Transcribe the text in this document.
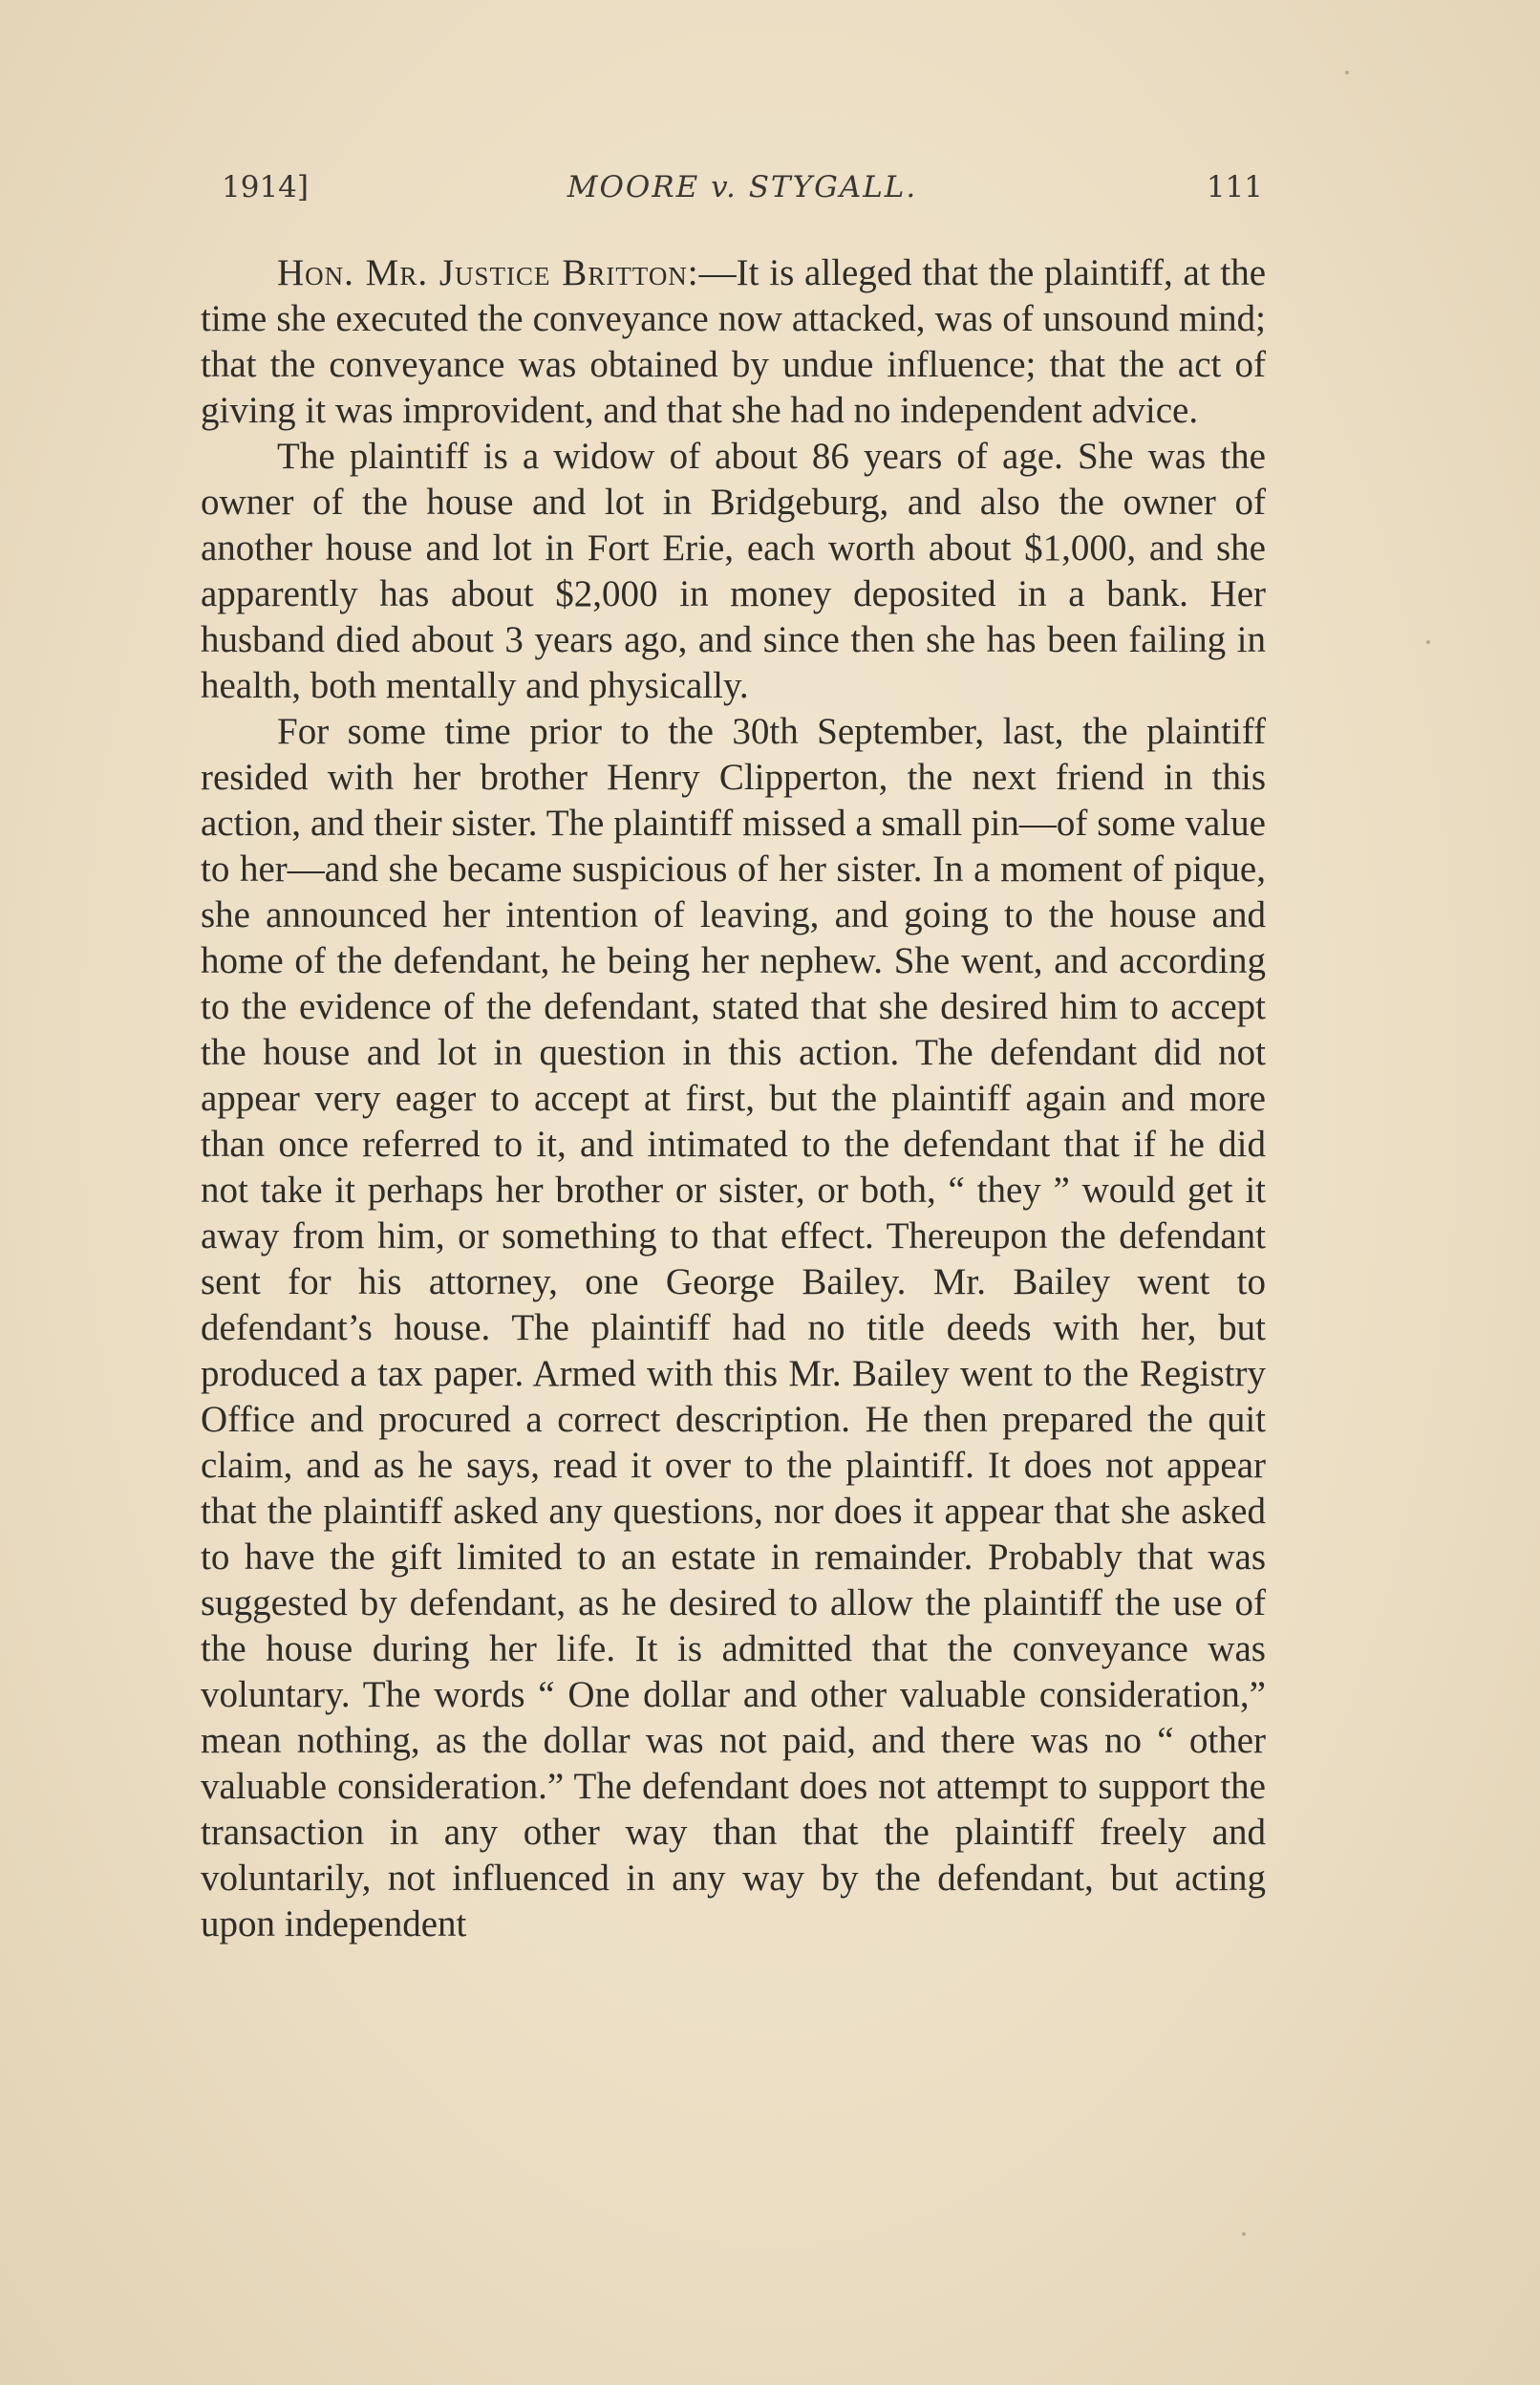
1914]	MOORE v. STYGALL.	111

Hon. Mr. Justice Britton:—It is alleged that the plaintiff, at the time she executed the conveyance now attacked, was of unsound mind; that the conveyance was obtained by undue influence; that the act of giving it was improvident, and that she had no independent advice.

The plaintiff is a widow of about 86 years of age. She was the owner of the house and lot in Bridgeburg, and also the owner of another house and lot in Fort Erie, each worth about $1,000, and she apparently has about $2,000 in money deposited in a bank. Her husband died about 3 years ago, and since then she has been failing in health, both mentally and physically.

For some time prior to the 30th September, last, the plaintiff resided with her brother Henry Clipperton, the next friend in this action, and their sister. The plaintiff missed a small pin—of some value to her—and she became suspicious of her sister. In a moment of pique, she announced her intention of leaving, and going to the house and home of the defendant, he being her nephew. She went, and according to the evidence of the defendant, stated that she desired him to accept the house and lot in question in this action. The defendant did not appear very eager to accept at first, but the plaintiff again and more than once referred to it, and intimated to the defendant that if he did not take it perhaps her brother or sister, or both, “ they ” would get it away from him, or something to that effect. Thereupon the defendant sent for his attorney, one George Bailey. Mr. Bailey went to defendant’s house. The plaintiff had no title deeds with her, but produced a tax paper. Armed with this Mr. Bailey went to the Registry Office and procured a correct description. He then prepared the quit claim, and as he says, read it over to the plaintiff. It does not appear that the plaintiff asked any questions, nor does it appear that she asked to have the gift limited to an estate in remainder. Probably that was suggested by defendant, as he desired to allow the plaintiff the use of the house during her life. It is admitted that the conveyance was voluntary. The words “ One dollar and other valuable consideration,” mean nothing, as the dollar was not paid, and there was no “ other valuable consideration.” The defendant does not attempt to support the transaction in any other way than that the plaintiff freely and voluntarily, not influenced in any way by the defendant, but acting upon independent
